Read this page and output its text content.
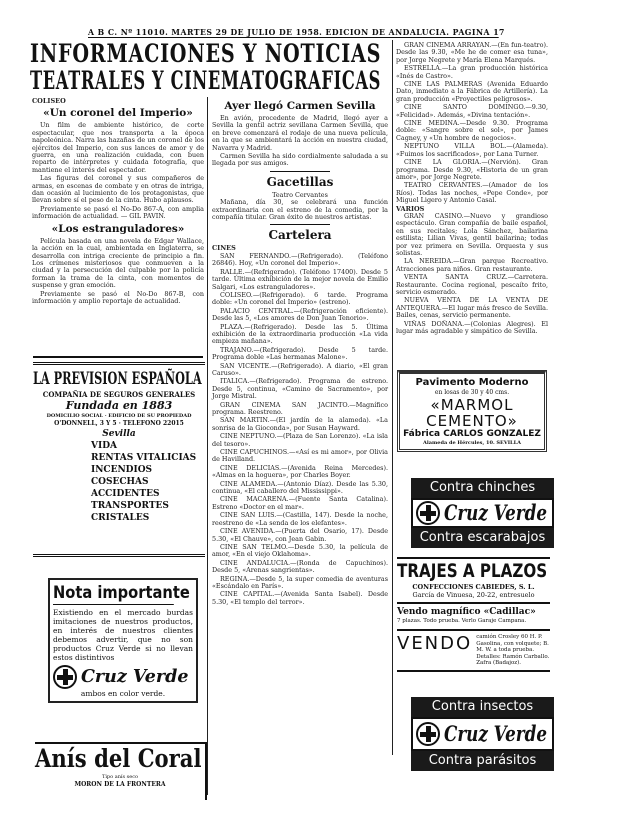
A B C. Nº 11010. MARTES 29 DE JULIO DE 1958. EDICION DE ANDALUCIA. PAGINA 17
INFORMACIONES Y NOTICIAS
TEATRALES Y CINEMATOGRAFICAS
COLISEO
«Un coronel del Imperio»

Un film de ambiente histórico, de corte espectacular, que nos transporta a la época napoleónica. Narra las hazañas de un coronel de los ejércitos del Imperio, con sus lances de amor y de guerra, en una realización cuidada, con buen reparto de intérpretes y cuidada fotografía, que mantiene el interés del espectador.

Las figuras del coronel y sus compañeros de armas, en escenas de combate y en otras de intriga, dan ocasión al lucimiento de los protagonistas, que llevan sobre sí el peso de la cinta. Hubo aplausos.

Previamente se pasó el No-Do 867-A, con amplia información de actualidad. — GIL PAVIN.

«Los estranguladores»

Película basada en una novela de Edgar Wallace, la acción en la cual, ambientada en Inglaterra, se desarrolla con intriga creciente de principio a fin. Los crímenes misteriosos que conmueven a la ciudad y la persecución del culpable por la policía forman la trama de la cinta, con momentos de suspense y gran emoción.

Previamente se pasó el No-Do 867-B, con información y amplio reportaje de actualidad.

LA PREVISION ESPAÑOLA
COMPAÑIA DE SEGUROS GENERALES
Fundada en 1883
DOMICILIO SOCIAL · EDIFICIO DE SU PROPIEDAD
O'DONNELL, 3 Y 5 · TELEFONO 22015
Sevilla
VIDA
RENTAS VITALICIAS
INCENDIOS
COSECHAS
ACCIDENTES
TRANSPORTES
CRISTALES
Nota importante
Existiendo en el mercado burdas imitaciones de nuestros productos, en interés de nuestros clientes debemos advertir, que no son productos Cruz Verde si no llevan estos distintivos
Cruz Verde
ambos en color verde.
Anís del Coral
Tipo anís seco
MORON DE LA FRONTERA
Ayer llegó Carmen Sevilla

En avión, procedente de Madrid, llegó ayer a Sevilla la gentil actriz sevillana Carmen Sevilla, que en breve comenzará el rodaje de una nueva película, en la que se ambientará la acción en nuestra ciudad, Navarra y Madrid.

Carmen Sevilla ha sido cordialmente saludada a su llegada por sus amigos.

Gacetillas
Teatro Cervantes

Mañana, día 30, se celebrará una función extraordinaria con el estreno de la comedia, por la compañía titular. Gran éxito de nuestros artistas.

Cartelera
CINES

SAN FERNANDO.—(Refrigerado). (Teléfono 26846). Hoy, «Un coronel del Imperio».

RALLE.—(Refrigerado). (Teléfono 17400). Desde 5 tarde. Última exhibición de la mejor novela de Emilio Salgari, «Los estranguladores».

COLISEO.—(Refrigerado). 6 tarde. Programa doble: «Un coronel del Imperio» (estreno).

PALACIO CENTRAL.—(Refrigeración eficiente). Desde las 5, «Los amores de Don Juan Tenorio».

PLAZA.—(Refrigerado). Desde las 5. Última exhibición de la extraordinaria producción «La vida empieza mañana».

TRAJANO.—(Refrigerado). Desde 5 tarde. Programa doble «Las hermanas Malone».

SAN VICENTE.—(Refrigerado). A diario, «El gran Caruso».

ITALICA.—(Refrigerado). Programa de estreno. Desde 5, continua, «Camino de Sacramento», por Jorge Mistral.

GRAN CINEMA SAN JACINTO.—Magnífico programa. Reestreno.

SAN MARTIN.—(El jardín de la alameda). «La sonrisa de la Gioconda», por Susan Hayward.

CINE NEPTUNO.—(Plaza de San Lorenzo). «La isla del tesoro».

CINE CAPUCHINOS.—«Así es mi amor», por Olivia de Havilland.

CINE DELICIAS.—(Avenida Reina Mercedes). «Almas en la hoguera», por Charles Boyer.

CINE ALAMEDA.—(Antonio Díaz). Desde las 5.30, continua, «El caballero del Mississippi».

CINE MACARENA.—(Fuente Santa Catalina). Estreno «Doctor en el mar».

CINE SAN LUIS.—(Castilla, 147). Desde la noche, reestreno de «La senda de los elefantes».

CINE AVENIDA.—(Puerta del Osario, 17). Desde 5.30, «El Chauve», con Jean Gabin.

CINE SAN TELMO.—Desde 5.30, la película de amor, «En el viejo Oklahoma».

CINE ANDALUCIA.—(Ronda de Capuchinos). Desde 5, «Arenas sangrientas».

REGINA.—Desde 5, la super comedia de aventuras «Escándalo en París».

CINE CAPITAL.—(Avenida Santa Isabel). Desde 5.30, «El templo del terror».

GRAN CINEMA ARRAYAN.—(En fun-teatro). Desde las 9.30, «Me he de comer esa tuna», por Jorge Negrete y María Elena Marqués.

ESTRELLA.—La gran producción histórica «Inés de Castro».

CINE LAS PALMERAS (Avenida Eduardo Dato, inmediato a la Fábrica de Artillería). La gran producción «Proyectiles peligrosos».

CINE SANTO DOMINGO.—9.30, «Felicidad». Además, «Divina tentación».

CINE MEDINA.—Desde 9.30. Programa doble: «Sangre sobre el sol», por James Cagney, y «Un hombre de negocios».

NEPTUNO VILLA BOL.—(Alameda). «Fuimos los sacrificados», por Lana Turner.

CINE LA GLORIA.—(Nervión). Gran programa. Desde 9.30, «Historia de un gran amor», por Jorge Negrete.

TEATRO CERVANTES.—(Amador de los Ríos). Todas las noches, «Pepe Conde», por Miguel Ligero y Antonio Casal.

VARIOS

GRAN CASINO.—Nuevo y grandioso espectáculo. Gran compañía de baile español, en sus recitales; Lola Sánchez, bailarina estilista; Lilian Vivas, gentil bailarina; todas por vez primera en Sevilla. Orquesta y sus solistas.

LA NEREIDA.—Gran parque Recreativo. Atracciones para niños. Gran restaurante.

VENTA SANTA CRUZ.—Carretera. Restaurante. Cocina regional, pescaíto frito, servicio esmerado.

NUEVA VENTA DE LA VENTA DE ANTEQUERA.—El lugar más fresco de Sevilla. Bailes, cenas, servicio permanente.

VIÑAS DOÑANA.—(Colonias Alegres). El lugar más agradable y simpático de Sevilla.

Pavimento Moderno
en losas de 30 y 40 cms.
«MARMOL
CEMENTO»
Fábrica CARLOS GONZALEZ
Alameda de Hércules, 10. SEVILLA
Contra chinches
Cruz Verde
Contra escarabajos
TRAJES A PLAZOS
CONFECCIONES CABIEDES, S. L.
García de Vinuesa, 20-22, entresuelo
Vendo magnífico «Cadillac»
7 plazas. Todo prueba. Verlo Garaje Campana.
VENDO camión Crosley 60 H. P. Gasolina, con volquete; B. M. W. a toda prueba. Detalles: Ramón Carballo. Zafra (Badajoz).
Contra insectos
Cruz Verde
Contra parásitos
